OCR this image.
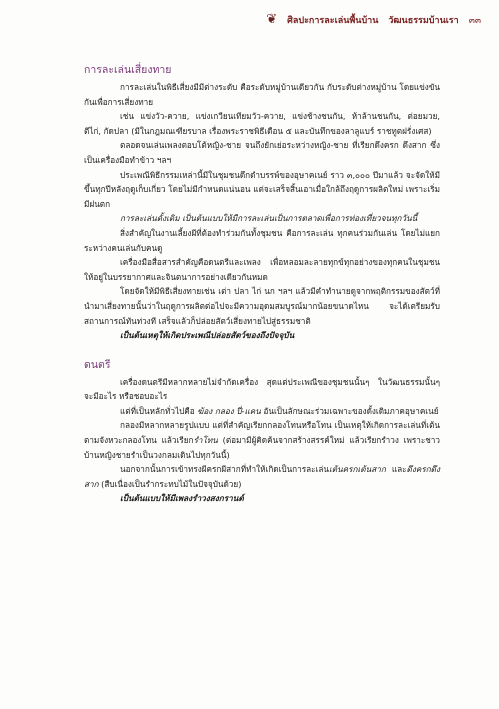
❦ ศิลปะการละเล่นพื้นบ้าน วัฒนธรรมบ้านเรา ๓๓
การละเล่นเสี่ยงทาย

การละเล่นในพิธีเสี่ยงมีมีต่างระดับ คือระดับหมู่บ้านเดียวกัน กับระดับต่างหมู่บ้าน โดยแข่งขันกันเพื่อการเสี่ยงทาย

เช่น แข่งวัว-ควาย, แข่งเกวียนเทียมวัว-ควาย, แข่งช้างชนกัน, ห้าล้านชนกัน, ต่อยมวย, ตีไก่, กัดปลา (มีในกฎมณเฑียรบาล เรื่องพระราชพิธีเดือน ๕ และบันทึกของลาลูแบร์ ราชทูตฝรั่งเศส)

ตลอดจนเล่นเพลงตอบโต้หญิง-ชาย จนถึงยักเย่อระหว่างหญิง-ชาย ที่เรียกดึงครก ดึงสาก ซึ่งเป็นเครื่องมือทำข้าว ฯลฯ

ประเพณีพิธีกรรมเหล่านี้มีในชุมชนดึกดำบรรพ์ของอุษาคเนย์ ราว ๓,๐๐๐ ปีมาแล้ว จะจัดให้มีขึ้นทุกปีหลังฤดูเก็บเกี่ยว โดยไม่มีกำหนดแน่นอน แต่จะเสร็จสิ้นเอาเมื่อใกล้ถึงฤดูการผลิตใหม่ เพราะเริ่มมีฝนตก

การละเล่นดั้งเดิม เป็นต้นแบบให้มีการละเล่นเป็นการตลาดเพื่อการท่องเที่ยวจนทุกวันนี้

สิ่งสำคัญในงานเลี้ยงผีที่ต้องทำร่วมกันทั้งชุมชน คือการละเล่น ทุกคนร่วมกันเล่น โดยไม่แยกระหว่างคนเล่นกับคนดู

เครื่องมือสื่อสารสำคัญคือดนตรีและเพลง เพื่อหลอมละลายทุกข์ทุกอย่างของทุกคนในชุมชนให้อยู่ในบรรยากาศและจินตนาการอย่างเดียวกันหมด

โดยจัดให้มีพิธีเสี่ยงทายเช่น เต่า ปลา ไก่ นก ฯลฯ แล้วมีคำทำนายดูจากพฤติกรรมของสัตว์ที่นำมาเสี่ยงทายนั้นว่าในฤดูการผลิตต่อไปจะมีความอุดมสมบูรณ์มากน้อยขนาดไหน จะได้เตรียมรับสถานการณ์ทันท่วงที เสร็จแล้วก็ปล่อยสัตว์เสี่ยงทายไปสู่ธรรมชาติ

เป็นต้นเหตุให้เกิดประเพณีปล่อยสัตว์ของถึงปัจจุบัน

ดนตรี

เครื่องดนตรีมีหลากหลายไม่จำกัดเครื่อง สุดแต่ประเพณีของชุมชนนั้นๆ ในวัฒนธรรมนั้นๆ จะมีอะไร หรือชอบอะไร

แต่ที่เป็นหลักทั่วไปคือ ฆ้อง กลอง ปี่-แคน อันเป็นลักษณะร่วมเฉพาะของดั้งเดิมภาคอุษาคเนย์

กลองมีหลากหลายรูปแบบ แต่ที่สำคัญเรียกกลองโทนหรือโทน เป็นเหตุให้เกิดการละเล่นที่เต้นตามจังหวะกลองโทน แล้วเรียกรำโทน (ต่อมามีผู้คิดค้นจากสร้างสรรค์ใหม่ แล้วเรียกรำวง เพราะชาวบ้านหญิงชายรำเป็นวงกลมเดินไปทุกวันนี้)

นอกจากนั้นการเข้าทรงผีครกผีสากที่ทำให้เกิดเป็นการละเล่นเต้นครกเต้นสาก และดึงครกดึงสาก (สืบเนื่องเป็นรำกระทบไม้ในปัจจุบันด้วย)

เป็นต้นแบบให้มีเพลงรำวงสงกรานต์
